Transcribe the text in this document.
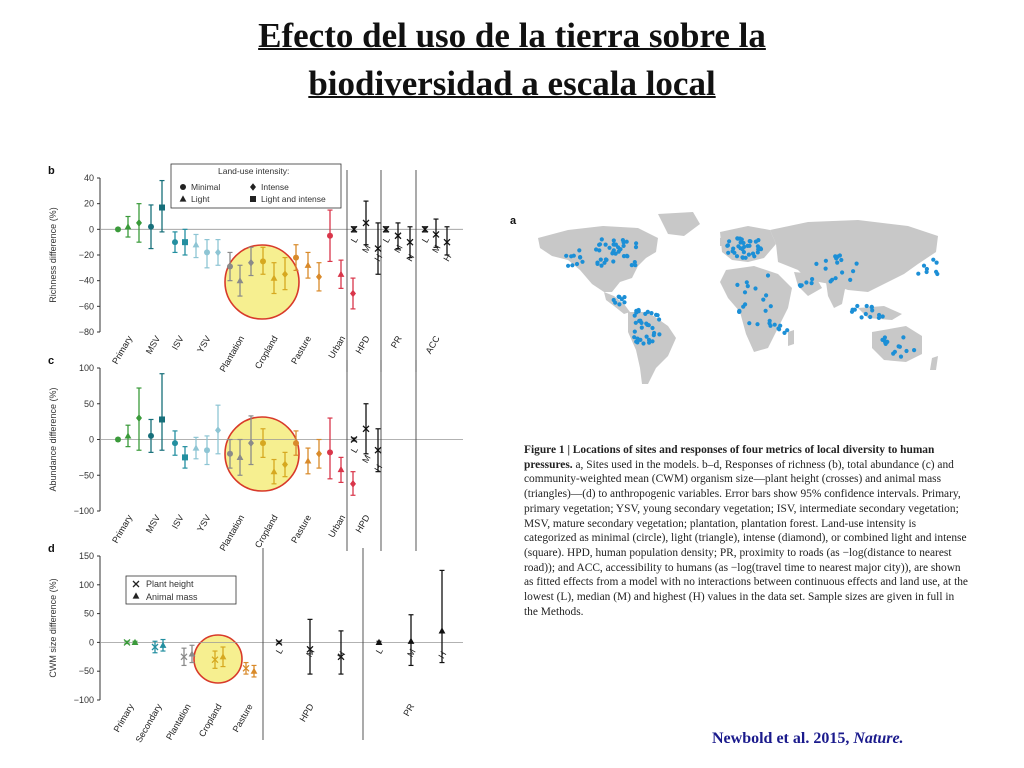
Efecto del uso de la tierra sobre la
biodiversidad a escala local
b
40
20
0
−20
−40
−60
−80
Richness difference (%)
Primary MSV ISV YSV Plantation Cropland Pasture Urban HPD PR ACC
L
M
H
L
M
H
L
M
H
Land-use intensity:
Minimal
Light
Intense
Light and intense
c
100
50
0
−50
−100
Abundance difference (%)
Primary MSV ISV YSV Plantation Cropland Pasture Urban HPD
L
M
H
d
150
100
50
0
−50
−100
CWM size difference (%)
Primary
Secondary Plantation Cropland Pasture	HPD	PR
L M H	L M H
Plant height
Animal mass
a
Figure 1 | Locations of sites and responses of four metrics of local diversity to human pressures. a, Sites used in the models. b–d, Responses of richness (b), total abundance (c) and community-weighted mean (CWM) organism size—plant height (crosses) and animal mass (triangles)—(d) to anthropogenic variables. Error bars show 95% confidence intervals. Primary, primary vegetation; YSV, young secondary vegetation; ISV, intermediate secondary vegetation; MSV, mature secondary vegetation; plantation, plantation forest. Land-use intensity is categorized as minimal (circle), light (triangle), intense (diamond), or combined light and intense (square). HPD, human population density; PR, proximity to roads (as −log(distance to nearest road)); and ACC, accessibility to humans (as −log(travel time to nearest major city)), are shown as fitted effects from a model with no interactions between continuous effects and land use, at the lowest (L), median (M) and highest (H) values in the data set. Sample sizes are given in full in the Methods.
Newbold et al. 2015, Nature.
